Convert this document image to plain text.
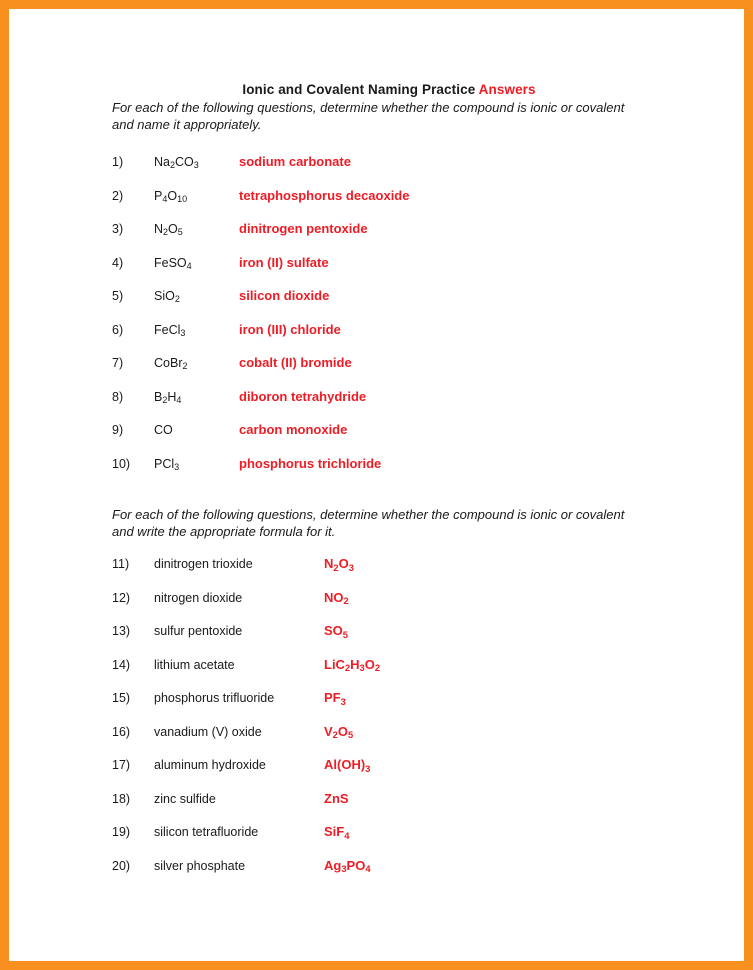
Ionic and Covalent Naming Practice Answers

For each of the following questions, determine whether the compound is ionic or covalent and name it appropriately.

1)	$Na_2CO_3$	sodium carbonate
2)	$P_4O_{10}$	tetraphosphorus decaoxide
3)	$N_2O_5$	dinitrogen pentoxide
4)	FeSO$_4$	iron (II) sulfate
5)	SiO$_2$	silicon dioxide
6)	FeCl$_3$	iron (III) chloride
7)	CoBr$_2$	cobalt (II) bromide
8)	$B_2H_4$	diboron tetrahydride
9)	CO	carbon monoxide
10)	PCl$_3$	phosphorus trichloride

For each of the following questions, determine whether the compound is ionic or covalent and write the appropriate formula for it.

11)	dinitrogen trioxide	$N_2O_3$
12)	nitrogen dioxide	$NO_2$
13)	sulfur pentoxide	$SO_5$
14)	lithium acetate	$LiC_2H_3O_2$
15)	phosphorus trifluoride	$PF_3$
16)	vanadium (V) oxide	$V_2O_5$
17)	aluminum hydroxide	$Al(OH)_3$
18)	zinc sulfide	ZnS
19)	silicon tetrafluoride	SiF$_4$
20)	silver phosphate	$Ag_3PO_4$
